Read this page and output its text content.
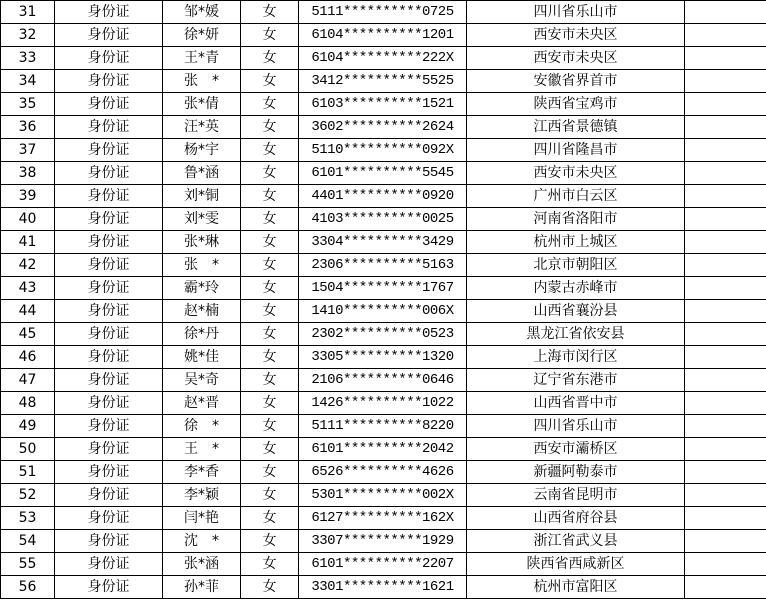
31	身份证	邹*媛	女	5111**********0725	四川省乐山市	
32	身份证	徐*妍	女	6104**********1201	西安市未央区	
33	身份证	王*青	女	6104**********222X	西安市未央区	
34	身份证	张　*	女	3412**********5525	安徽省界首市	
35	身份证	张*倩	女	6103**********1521	陕西省宝鸡市	
36	身份证	汪*英	女	3602**********2624	江西省景德镇	
37	身份证	杨*宇	女	5110**********092X	四川省隆昌市	
38	身份证	鲁*涵	女	6101**********5545	西安市未央区	
39	身份证	刘*铜	女	4401**********0920	广州市白云区	
40	身份证	刘*雯	女	4103**********0025	河南省洛阳市	
41	身份证	张*琳	女	3304**********3429	杭州市上城区	
42	身份证	张　*	女	2306**********5163	北京市朝阳区	
43	身份证	霸*玲	女	1504**********1767	内蒙古赤峰市	
44	身份证	赵*楠	女	1410**********006X	山西省襄汾县	
45	身份证	徐*丹	女	2302**********0523	黑龙江省依安县	
46	身份证	姚*佳	女	3305**********1320	上海市闵行区	
47	身份证	吴*奇	女	2106**********0646	辽宁省东港市	
48	身份证	赵*晋	女	1426**********1022	山西省晋中市	
49	身份证	徐　*	女	5111**********8220	四川省乐山市	
50	身份证	王　*	女	6101**********2042	西安市灞桥区	
51	身份证	李*香	女	6526**********4626	新疆阿勒泰市	
52	身份证	李*颖	女	5301**********002X	云南省昆明市	
53	身份证	闫*艳	女	6127**********162X	山西省府谷县	
54	身份证	沈　*	女	3307**********1929	浙江省武义县	
55	身份证	张*涵	女	6101**********2207	陕西省西咸新区	
56	身份证	孙*菲	女	3301**********1621	杭州市富阳区	
